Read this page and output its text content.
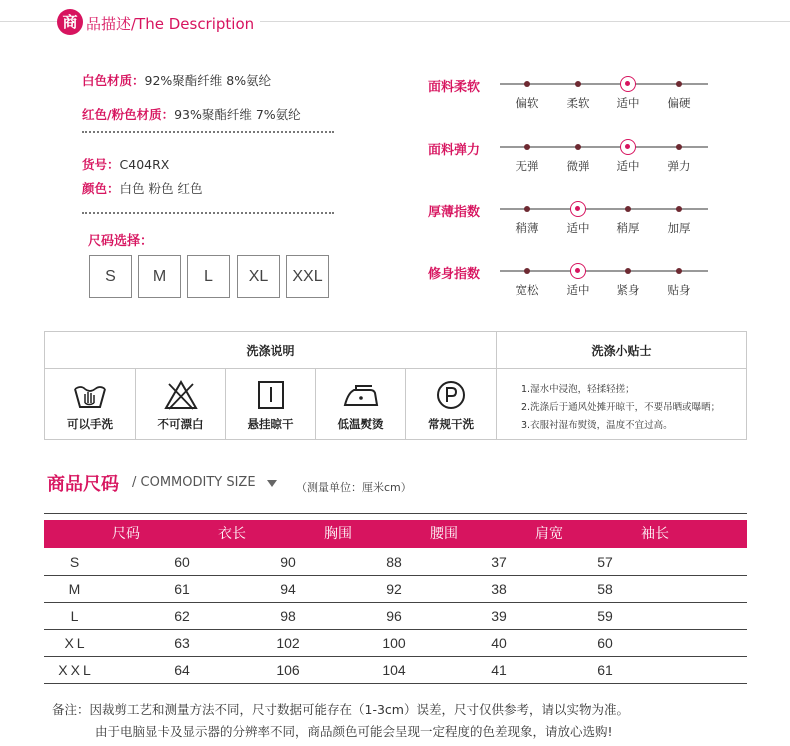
商 品描述/The Description
白色材质：92%聚酯纤维 8%氨纶
红色/粉色材质：93%聚酯纤维 7%氨纶
货号：C404RX
颜色：白色 粉色 红色
尺码选择：
S	M	L	XL	XXL
面料柔软
偏软	柔软	适中	偏硬
面料弹力
无弹	微弹	适中	弹力
厚薄指数
稍薄	适中	稍厚	加厚
修身指数
宽松	适中	紧身	贴身
洗涤说明	洗涤小贴士
可以手洗	不可漂白	悬挂晾干	低温熨烫	常规干洗
1.湿水中浸泡，轻揉轻搓；
2.洗涤后于通风处摊开晾干，不要吊晒或曝晒；
3.衣服衬湿布熨烫，温度不宜过高。
商品尺码 / COMMODITY SIZE	（测量单位：厘米cm）
尺码	衣长	胸围	腰围	肩宽	袖长
S	60	90	88	37	57
M	61	94	92	38	58
L	62	98	96	39	59
XL	63	102	100	40	60
XXL	64	106	104	41	61
备注：因裁剪工艺和测量方法不同，尺寸数据可能存在（1-3cm）误差，尺寸仅供参考，请以实物为准。
由于电脑显卡及显示器的分辨率不同，商品颜色可能会呈现一定程度的色差现象，请放心选购!
